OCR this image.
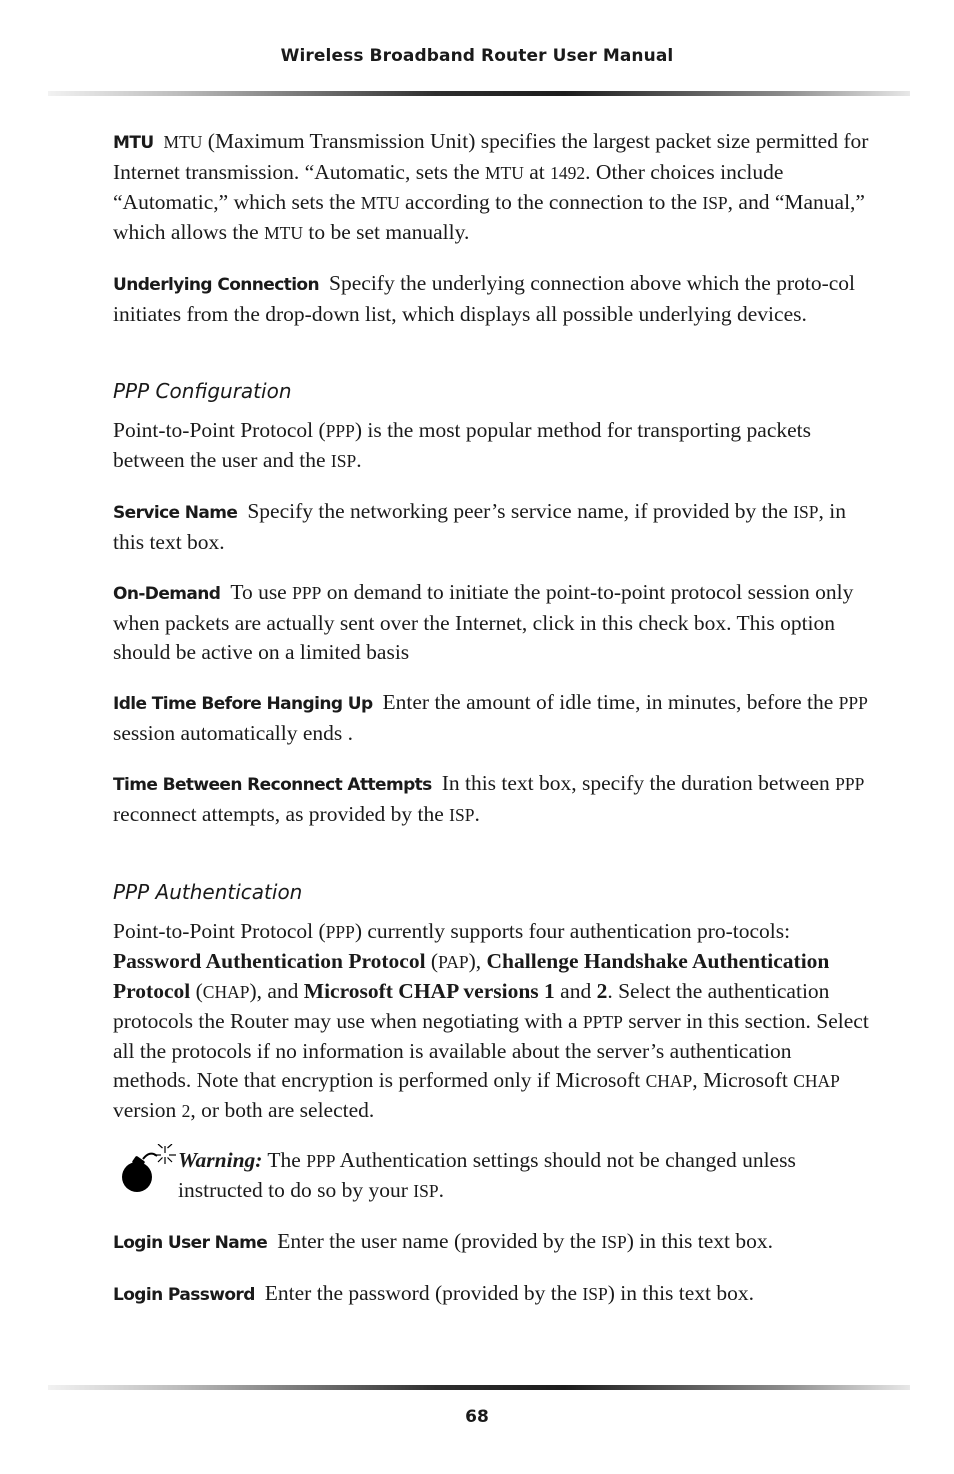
Wireless Broadband Router User Manual

MTU MTU (Maximum Transmission Unit) specifies the largest packet size permitted for Internet transmission. “Automatic, sets the MTU at 1492. Other choices include “Automatic,” which sets the MTU according to the connection to the ISP, and “Manual,” which allows the MTU to be set manually.

Underlying Connection Specify the underlying connection above which the proto-col initiates from the drop-down list, which displays all possible underlying devices.

PPP Configuration

Point-to-Point Protocol (PPP) is the most popular method for transporting packets between the user and the ISP.

Service Name Specify the networking peer’s service name, if provided by the ISP, in this text box.

On-Demand To use PPP on demand to initiate the point-to-point protocol session only when packets are actually sent over the Internet, click in this check box. This option should be active on a limited basis

Idle Time Before Hanging Up Enter the amount of idle time, in minutes, before the PPP session automatically ends .

Time Between Reconnect Attempts In this text box, specify the duration between PPP reconnect attempts, as provided by the ISP.

PPP Authentication

Point-to-Point Protocol (PPP) currently supports four authentication pro-tocols: Password Authentication Protocol (PAP), Challenge Handshake Authentication Protocol (CHAP), and Microsoft CHAP versions 1 and 2. Select the authentication protocols the Router may use when negotiating with a PPTP server in this section. Select all the protocols if no information is available about the server’s authentication methods. Note that encryption is performed only if Microsoft CHAP, Microsoft CHAP version 2, or both are selected.

Warning: The PPP Authentication settings should not be changed unless instructed to do so by your ISP.

Login User Name Enter the user name (provided by the ISP) in this text box.

Login Password Enter the password (provided by the ISP) in this text box.

68
